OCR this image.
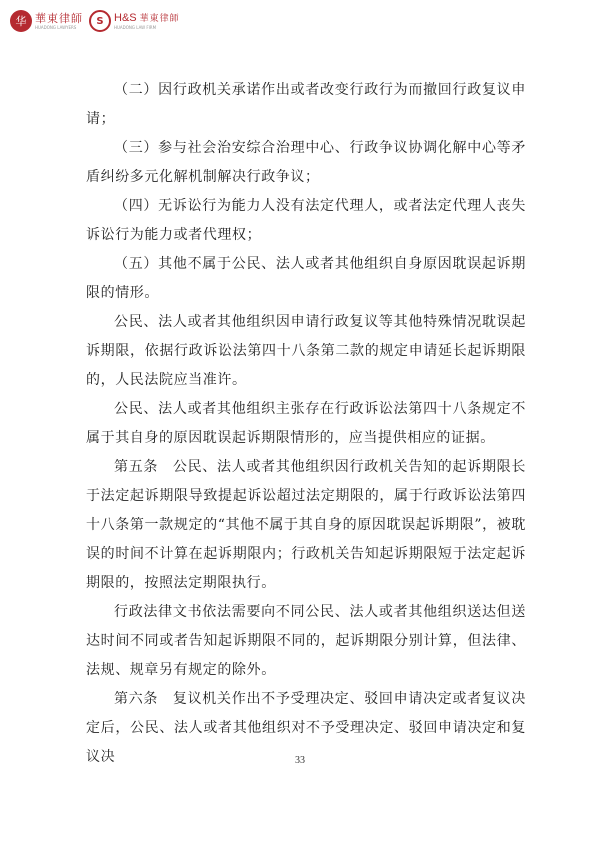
华 華東律師
HUADONG LAWYERS
S H&S 華東律師
HUADONG LAW FIRM

（二）因行政机关承诺作出或者改变行政行为而撤回行政复议申请；

（三）参与社会治安综合治理中心、行政争议协调化解中心等矛盾纠纷多元化解机制解决行政争议；

（四）无诉讼行为能力人没有法定代理人，或者法定代理人丧失诉讼行为能力或者代理权；

（五）其他不属于公民、法人或者其他组织自身原因耽误起诉期限的情形。

公民、法人或者其他组织因申请行政复议等其他特殊情况耽误起诉期限，依据行政诉讼法第四十八条第二款的规定申请延长起诉期限的，人民法院应当准许。

公民、法人或者其他组织主张存在行政诉讼法第四十八条规定不属于其自身的原因耽误起诉期限情形的，应当提供相应的证据。

第五条　公民、法人或者其他组织因行政机关告知的起诉期限长于法定起诉期限导致提起诉讼超过法定期限的，属于行政诉讼法第四十八条第一款规定的“其他不属于其自身的原因耽误起诉期限”，被耽误的时间不计算在起诉期限内；行政机关告知起诉期限短于法定起诉期限的，按照法定期限执行。

行政法律文书依法需要向不同公民、法人或者其他组织送达但送达时间不同或者告知起诉期限不同的，起诉期限分别计算，但法律、法规、规章另有规定的除外。

第六条　复议机关作出不予受理决定、驳回申请决定或者复议决定后，公民、法人或者其他组织对不予受理决定、驳回申请决定和复议决	33
